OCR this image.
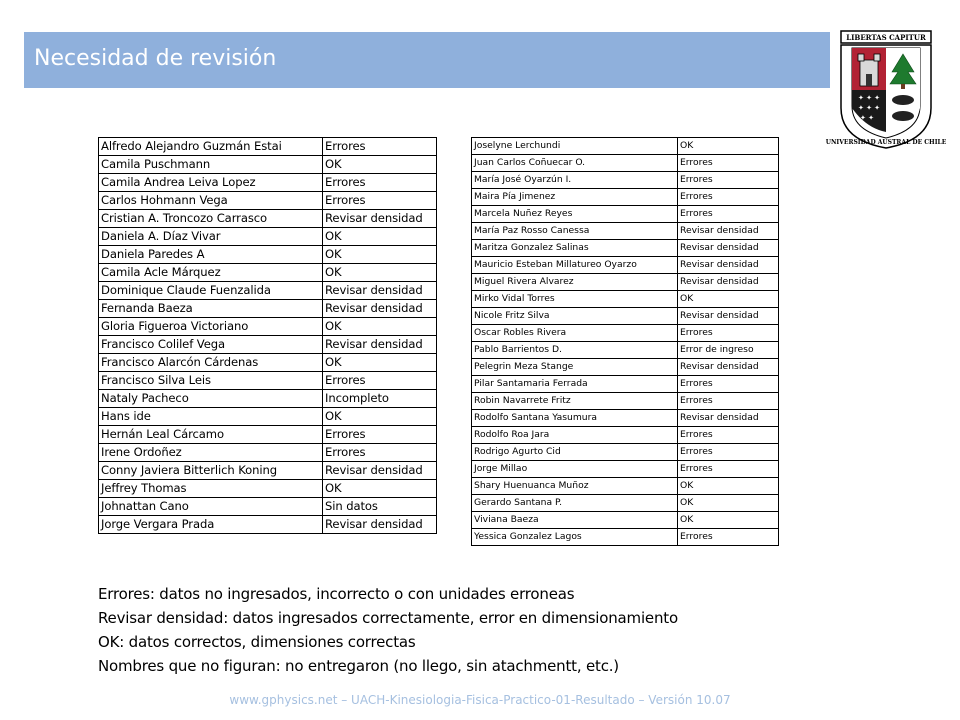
Necesidad de revisión
LIBERTAS CAPITUR
✦ ✦ ✦
✦ ✦ ✦
✦ ✦
UNIVERSIDAD AUSTRAL DE CHILE
Alfredo Alejandro Guzmán Estai	Errores
Camila Puschmann	OK
Camila Andrea Leiva Lopez	Errores
Carlos Hohmann Vega	Errores
Cristian A. Troncozo Carrasco	Revisar densidad
Daniela A. Díaz Vivar	OK
Daniela Paredes A	OK
Camila Acle Márquez	OK
Dominique Claude Fuenzalida	Revisar densidad
Fernanda Baeza	Revisar densidad
Gloria Figueroa Victoriano	OK
Francisco Colilef Vega	Revisar densidad
Francisco Alarcón Cárdenas	OK
Francisco Silva Leis	Errores
Nataly Pacheco	Incompleto
Hans ide	OK
Hernán Leal Cárcamo	Errores
Irene Ordoñez	Errores
Conny Javiera Bitterlich Koning	Revisar densidad
Jeffrey Thomas	OK
Johnattan Cano	Sin datos
Jorge Vergara Prada	Revisar densidad
Joselyne Lerchundi	OK
Juan Carlos Coñuecar O.	Errores
María José Oyarzún I.	Errores
Maira Pía Jimenez	Errores
Marcela Nuñez Reyes	Errores
María Paz Rosso Canessa	Revisar densidad
Maritza Gonzalez Salinas	Revisar densidad
Mauricio Esteban Millatureo Oyarzo	Revisar densidad
Miguel Rivera Alvarez	Revisar densidad
Mirko Vidal Torres	OK
Nicole Fritz Silva	Revisar densidad
Oscar Robles Rivera	Errores
Pablo Barrientos D.	Error de ingreso
Pelegrin Meza Stange	Revisar densidad
Pilar Santamaria Ferrada	Errores
Robin Navarrete Fritz	Errores
Rodolfo Santana Yasumura	Revisar densidad
Rodolfo Roa Jara	Errores
Rodrigo Agurto Cid	Errores
Jorge Millao	Errores
Shary Huenuanca Muñoz	OK
Gerardo Santana P.	OK
Viviana Baeza	OK
Yessica Gonzalez Lagos	Errores
Errores: datos no ingresados, incorrecto o con unidades erroneas
Revisar densidad: datos ingresados correctamente, error en dimensionamiento
OK: datos correctos, dimensiones correctas
Nombres que no figuran: no entregaron (no llego, sin atachmentt, etc.)
www.gphysics.net – UACH-Kinesiologia-Fisica-Practico-01-Resultado – Versión 10.07
